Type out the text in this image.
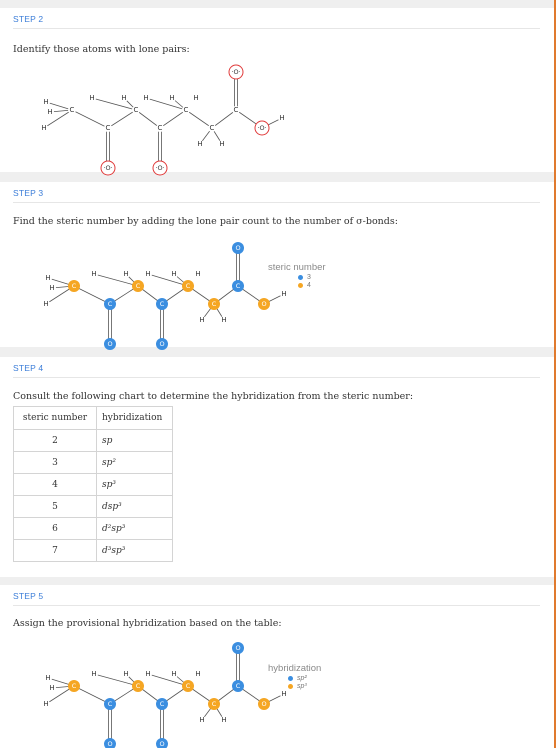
STEP 2
Identify those atoms with lone pairs:
H
H
H
H	H H	H	H
H H
H
C
C
C
C
C
C
C
·O·	·O·
·O·
·O·
STEP 3
Find the steric number by adding the lone pair count to the number of σ-bonds:
H
H
H
H	H H	H	H
H H
H
C
C
C
C
C
C
C
O	O
O
O
steric number
3
4
STEP 4
Consult the following chart to determine the hybridization from the steric number:
steric number	hybridization
2	sp
3	sp²
4	sp³
5	dsp³
6	d²sp³
7	d³sp³
STEP 5
Assign the provisional hybridization based on the table:
H
H
H
H	H H	H	H
H H
H
C
C
C
C
C
C
C
O	O
O
O
hybridization
sp²
sp³
